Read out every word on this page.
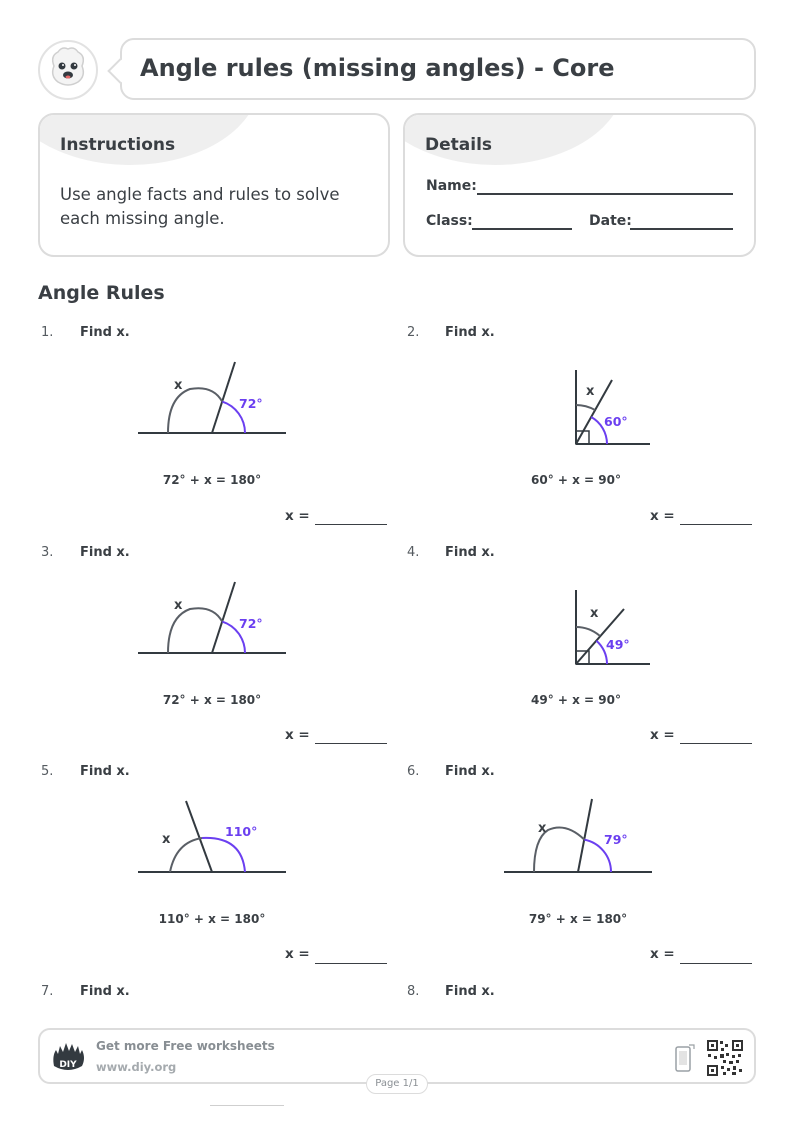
Angle rules (missing angles) - Core
Instructions
Use angle facts and rules to solve each missing angle.
Details
Name:
Class:	Date:
Angle Rules
1. Find x.
x
72°
72° + x = 180°
x =
2. Find x.
x
60°
60° + x = 90°
x =
3. Find x.
x
72°
72° + x = 180°
x =
4. Find x.
x
49°
49° + x = 90°
x =
5. Find x.
x
110°
110° + x = 180°
x =
6. Find x.
x
79°
79° + x = 180°
x =
7. Find x.	8. Find x.
DIY
Get more Free worksheets
www.diy.org
Page 1/1
